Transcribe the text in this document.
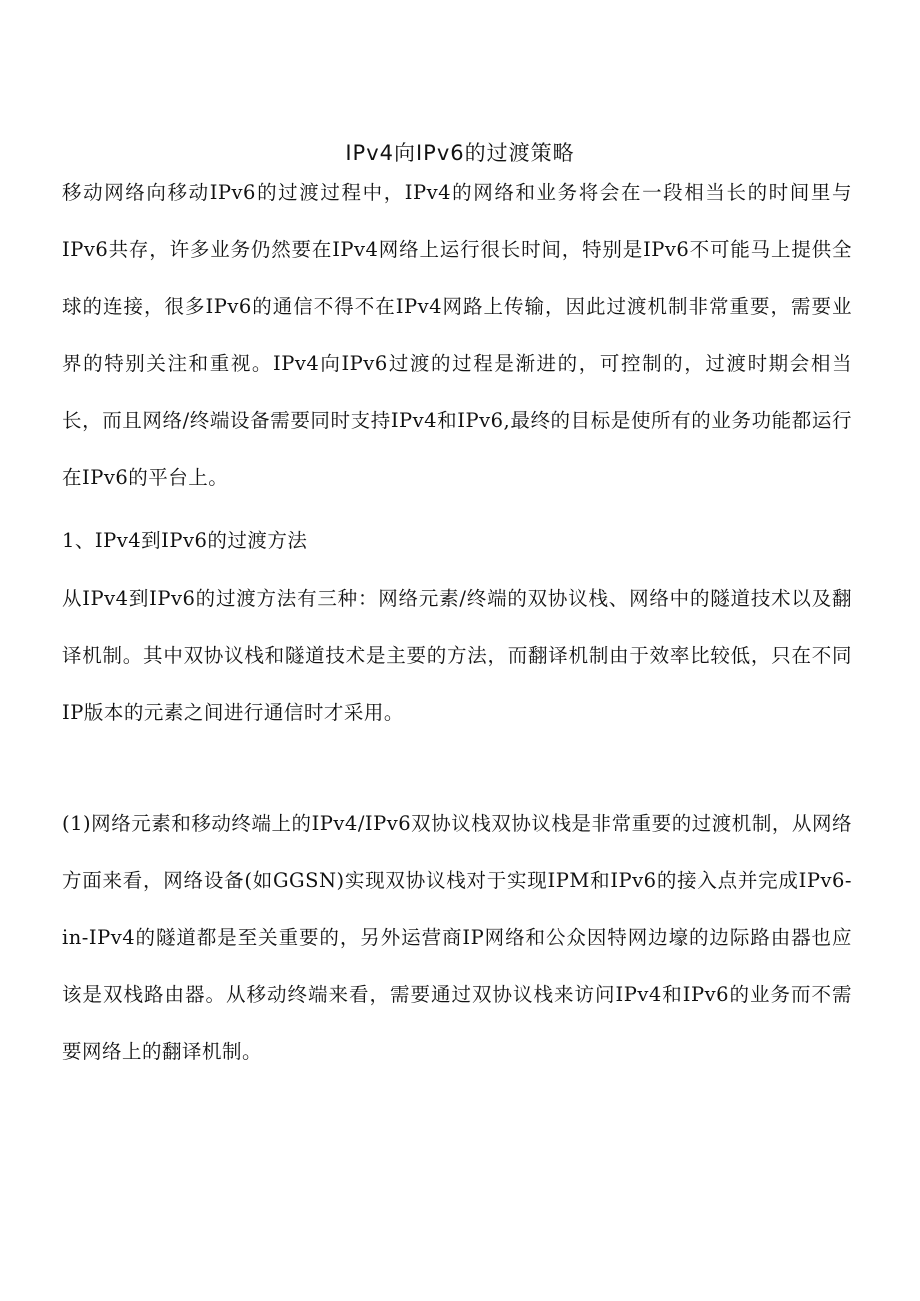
IPv4向IPv6的过渡策略
移动网络向移动IPv6的过渡过程中，IPv4的网络和业务将会在一段相当长的时间里与IPv6共存，许多业务仍然要在IPv4网络上运行很长时间，特别是IPv6不可能马上提供全球的连接，很多IPv6的通信不得不在IPv4网路上传输，因此过渡机制非常重要，需要业界的特别关注和重视。IPv4向IPv6过渡的过程是渐进的，可控制的，过渡时期会相当长，而且网络/终端设备需要同时支持IPv4和IPv6,最终的目标是使所有的业务功能都运行在IPv6的平台上。
1、IPv4到IPv6的过渡方法
从IPv4到IPv6的过渡方法有三种：网络元素/终端的双协议栈、网络中的隧道技术以及翻译机制。其中双协议栈和隧道技术是主要的方法，而翻译机制由于效率比较低，只在不同IP版本的元素之间进行通信时才采用。
(1)网络元素和移动终端上的IPv4/IPv6双协议栈双协议栈是非常重要的过渡机制，从网络方面来看，网络设备(如GGSN)实现双协议栈对于实现IPM和IPv6的接入点并完成IPv6-in-IPv4的隧道都是至关重要的，另外运营商IP网络和公众因特网边壕的边际路由器也应该是双栈路由器。从移动终端来看，需要通过双协议栈来访问IPv4和IPv6的业务而不需要网络上的翻译机制。
